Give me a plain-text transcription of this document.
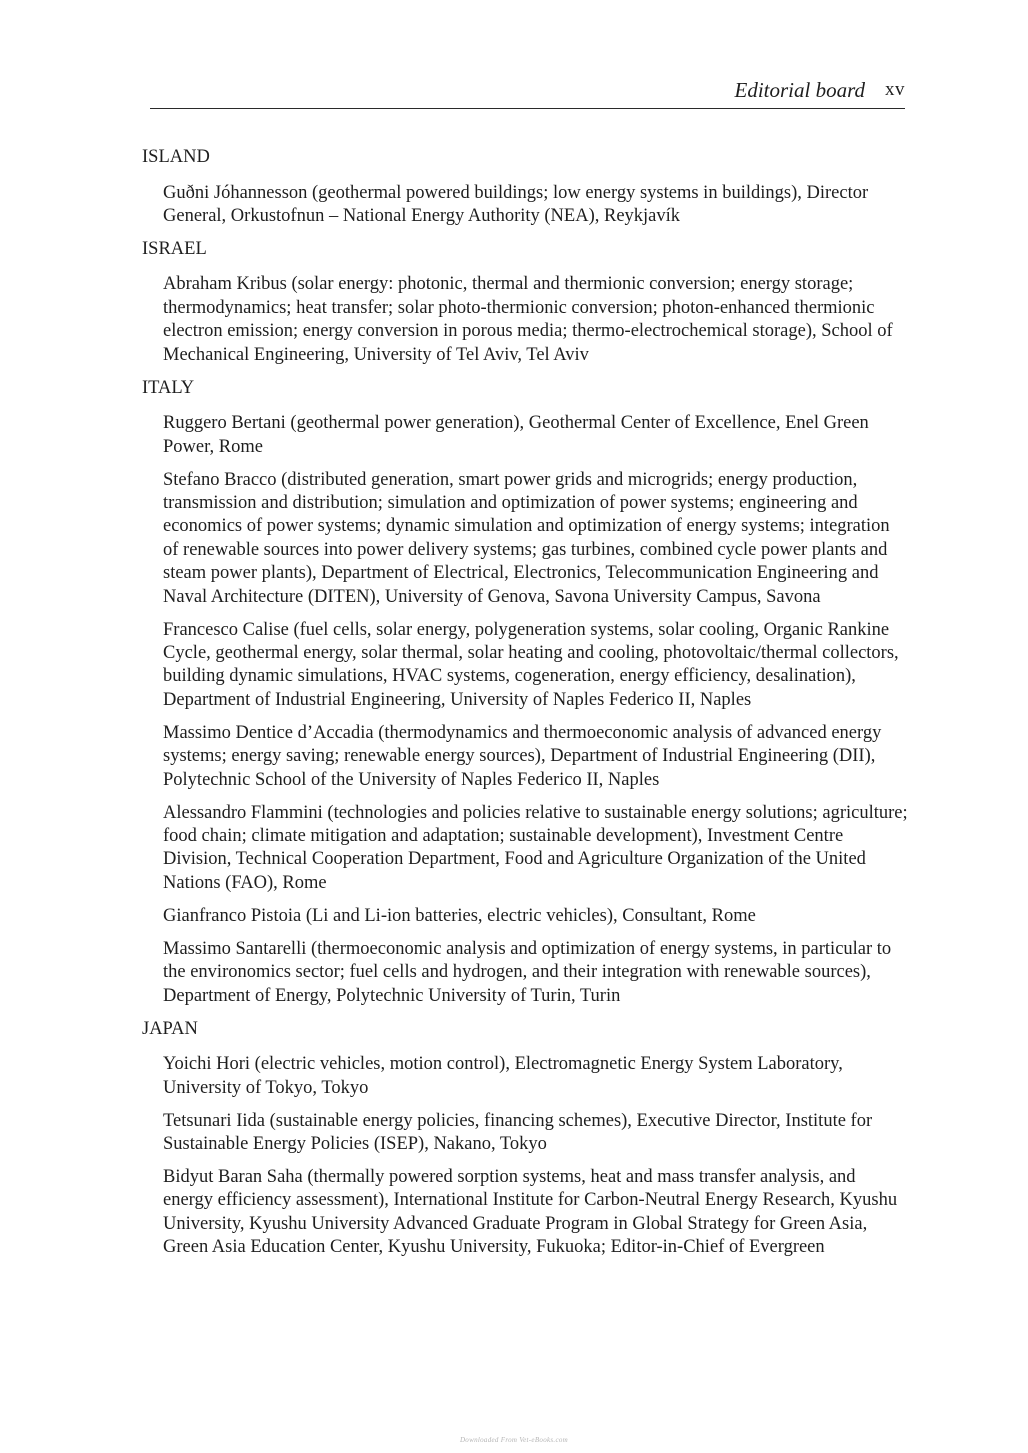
Editorial board xv
ISLAND
Guðni Jóhannesson (geothermal powered buildings; low energy systems in buildings), Director General, Orkustofnun – National Energy Authority (NEA), Reykjavík
ISRAEL
Abraham Kribus (solar energy: photonic, thermal and thermionic conversion; energy storage; thermodynamics; heat transfer; solar photo-thermionic conversion; photon-enhanced thermionic electron emission; energy conversion in porous media; thermo-electrochemical storage), School of Mechanical Engineering, University of Tel Aviv, Tel Aviv
ITALY
Ruggero Bertani (geothermal power generation), Geothermal Center of Excellence, Enel Green Power, Rome
Stefano Bracco (distributed generation, smart power grids and microgrids; energy production, transmission and distribution; simulation and optimization of power systems; engineering and economics of power systems; dynamic simulation and optimization of energy systems; integration of renewable sources into power delivery systems; gas turbines, combined cycle power plants and steam power plants), Department of Electrical, Electronics, Telecommunication Engineering and Naval Architecture (DITEN), University of Genova, Savona University Campus, Savona
Francesco Calise (fuel cells, solar energy, polygeneration systems, solar cooling, Organic Rankine Cycle, geothermal energy, solar thermal, solar heating and cooling, photovoltaic/thermal collectors, building dynamic simulations, HVAC systems, cogeneration, energy efficiency, desalination), Department of Industrial Engineering, University of Naples Federico II, Naples
Massimo Dentice d’Accadia (thermodynamics and thermoeconomic analysis of advanced energy systems; energy saving; renewable energy sources), Department of Industrial Engineering (DII), Polytechnic School of the University of Naples Federico II, Naples
Alessandro Flammini (technologies and policies relative to sustainable energy solutions; agriculture; food chain; climate mitigation and adaptation; sustainable development), Investment Centre Division, Technical Cooperation Department, Food and Agriculture Organization of the United Nations (FAO), Rome
Gianfranco Pistoia (Li and Li-ion batteries, electric vehicles), Consultant, Rome
Massimo Santarelli (thermoeconomic analysis and optimization of energy systems, in particular to the environomics sector; fuel cells and hydrogen, and their integration with renewable sources), Department of Energy, Polytechnic University of Turin, Turin
JAPAN
Yoichi Hori (electric vehicles, motion control), Electromagnetic Energy System Laboratory, University of Tokyo, Tokyo
Tetsunari Iida (sustainable energy policies, financing schemes), Executive Director, Institute for Sustainable Energy Policies (ISEP), Nakano, Tokyo
Bidyut Baran Saha (thermally powered sorption systems, heat and mass transfer analysis, and energy efficiency assessment), International Institute for Carbon-Neutral Energy Research, Kyushu University, Kyushu University Advanced Graduate Program in Global Strategy for Green Asia, Green Asia Education Center, Kyushu University, Fukuoka; Editor-in-Chief of Evergreen
Downloaded From Vet-eBooks.com
